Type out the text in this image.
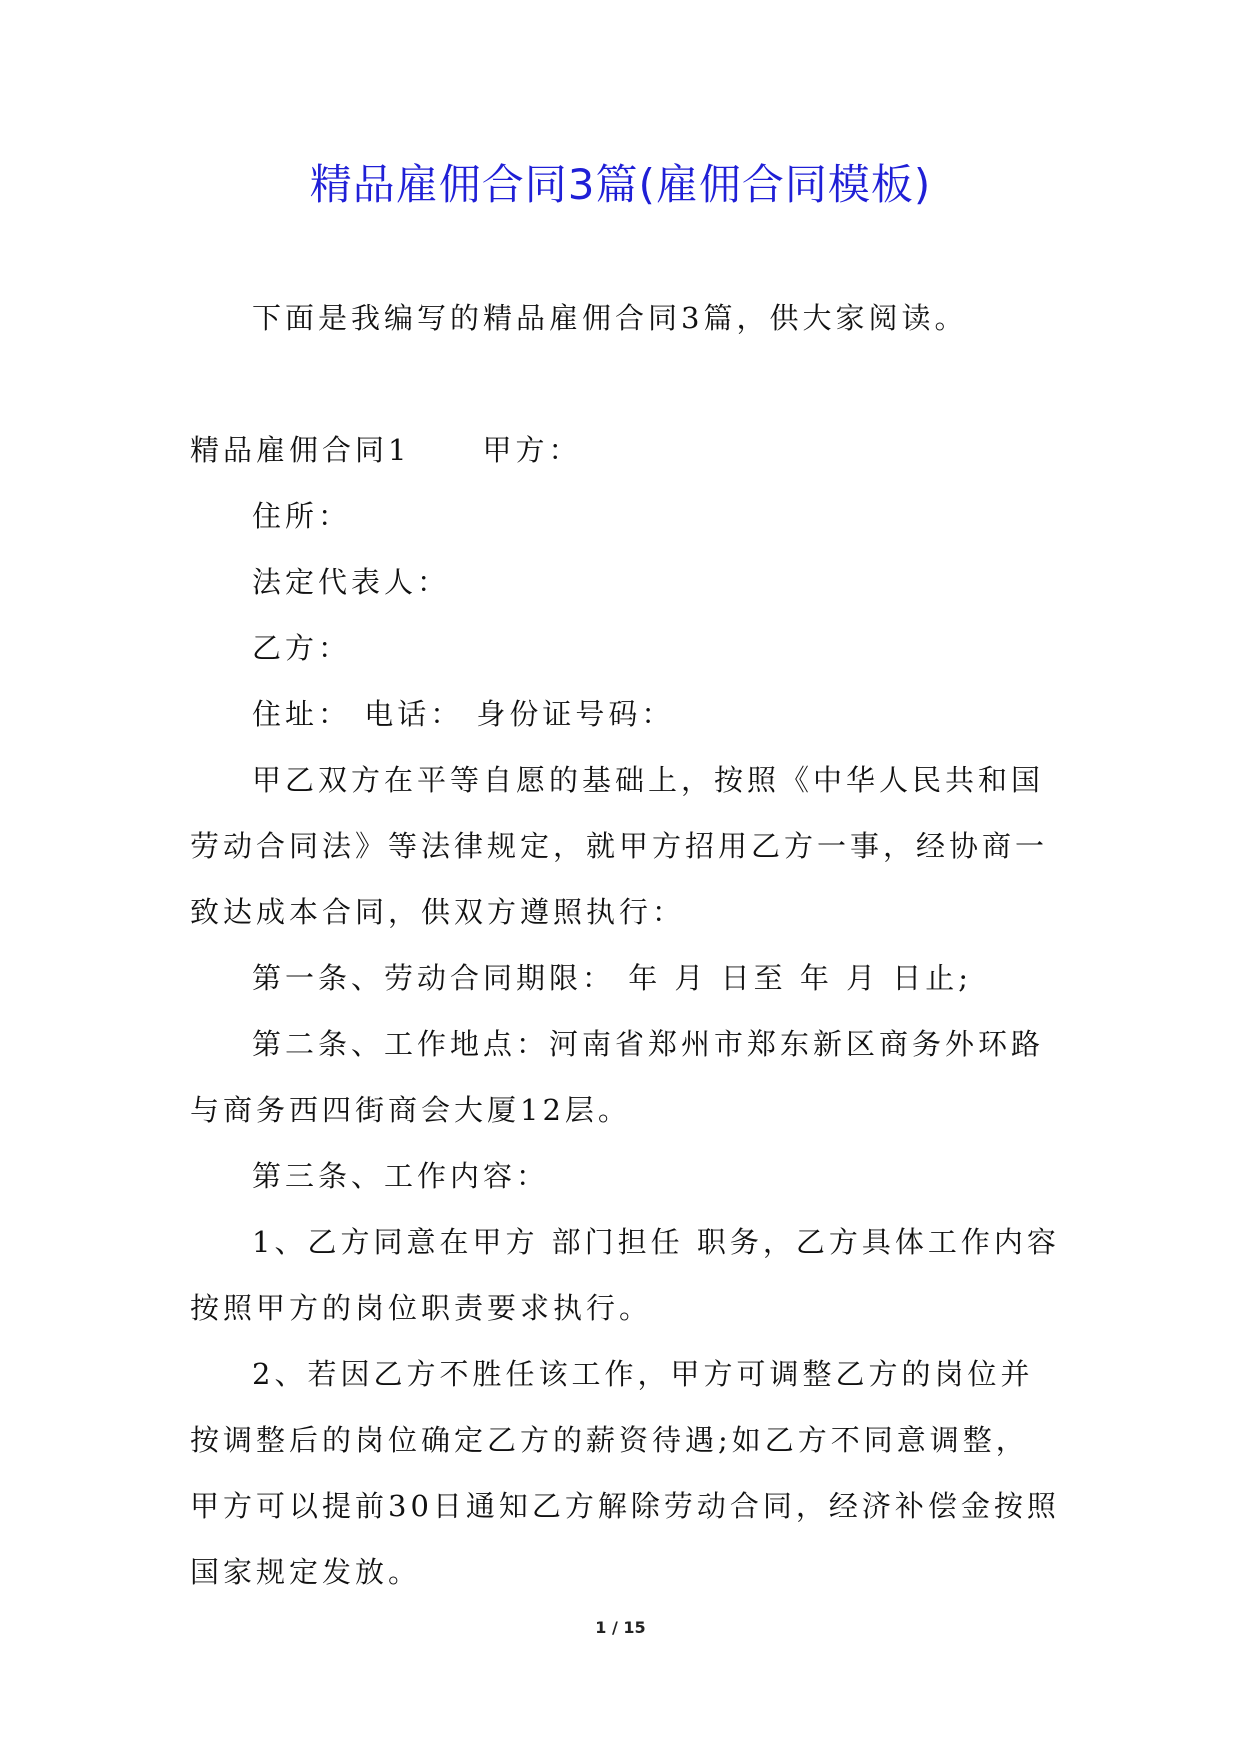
精品雇佣合同3篇(雇佣合同模板)

下面是我编写的精品雇佣合同3篇，供大家阅读。

精品雇佣合同1 甲方：

住所：

法定代表人：

乙方：

住址： 电话： 身份证号码：

甲乙双方在平等自愿的基础上，按照《中华人民共和国劳动合同法》等法律规定，就甲方招用乙方一事，经协商一致达成本合同，供双方遵照执行：

第一条、劳动合同期限： 年 月 日至 年 月 日止;

第二条、工作地点：河南省郑州市郑东新区商务外环路与商务西四街商会大厦12层。

第三条、工作内容：

1、乙方同意在甲方 部门担任 职务，乙方具体工作内容按照甲方的岗位职责要求执行。

2、若因乙方不胜任该工作，甲方可调整乙方的岗位并按调整后的岗位确定乙方的薪资待遇;如乙方不同意调整，甲方可以提前30日通知乙方解除劳动合同，经济补偿金按照国家规定发放。

1 / 15
